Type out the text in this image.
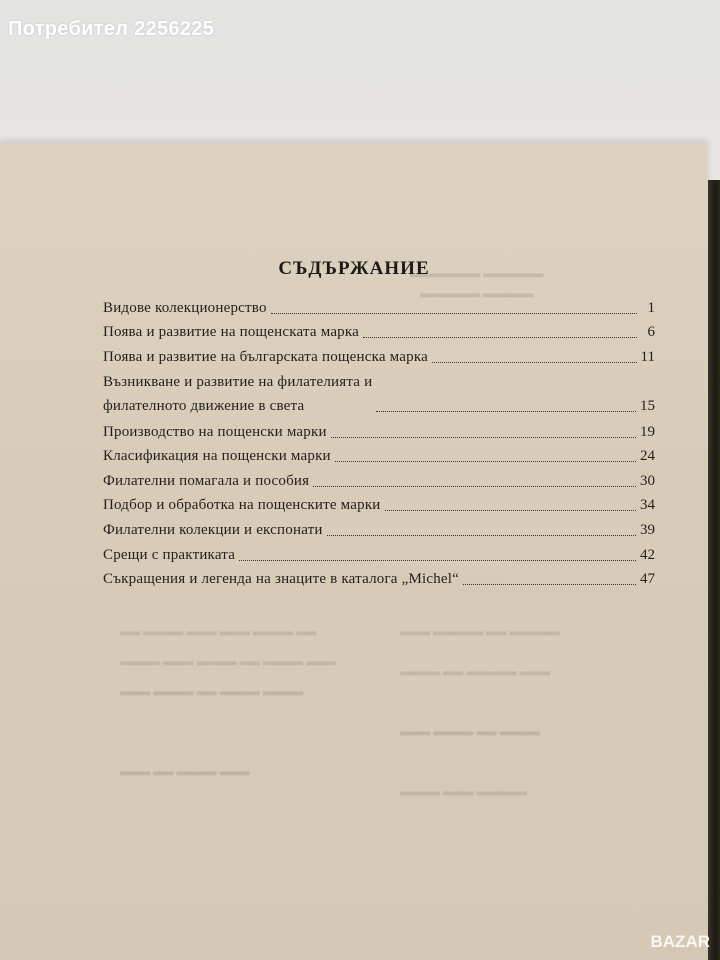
Потребител 2256225
▂▂▂▂▂▂▂ ▂▂▂▂▂▂
▂▂▂▂▂▂ ▂▂▂▂▂
▂▂ ▂▂▂▂ ▂▂▂ ▂▂▂ ▂▂▂▂ ▂▂
▂▂▂▂ ▂▂▂ ▂▂▂▂ ▂▂ ▂▂▂▂ ▂▂▂
▂▂▂ ▂▂▂▂ ▂▂ ▂▂▂▂ ▂▂▂▂
▂▂▂ ▂▂▂▂▂ ▂▂ ▂▂▂▂▂
▂▂▂▂ ▂▂ ▂▂▂▂▂ ▂▂▂
▂▂▂ ▂▂▂▂ ▂▂ ▂▂▂▂
▂▂▂▂ ▂▂▂ ▂▂▂▂▂
▂▂▂ ▂▂ ▂▂▂▂ ▂▂▂
СЪДЪРЖАНИЕ
Видове колекционерство	1
Поява и развитие на пощенската марка	6
Поява и развитие на българската пощенска марка	11
Възникване и развитие на филателията и
филателното движение в света	15
Производство на пощенски марки	19
Класификация на пощенски марки	24
Филателни помагала и пособия	30
Подбор и обработка на пощенските марки	34
Филателни колекции и експонати	39
Срещи с практиката	42
Съкращения и легенда на знаците в каталога „Michel“	47
BAZAR
